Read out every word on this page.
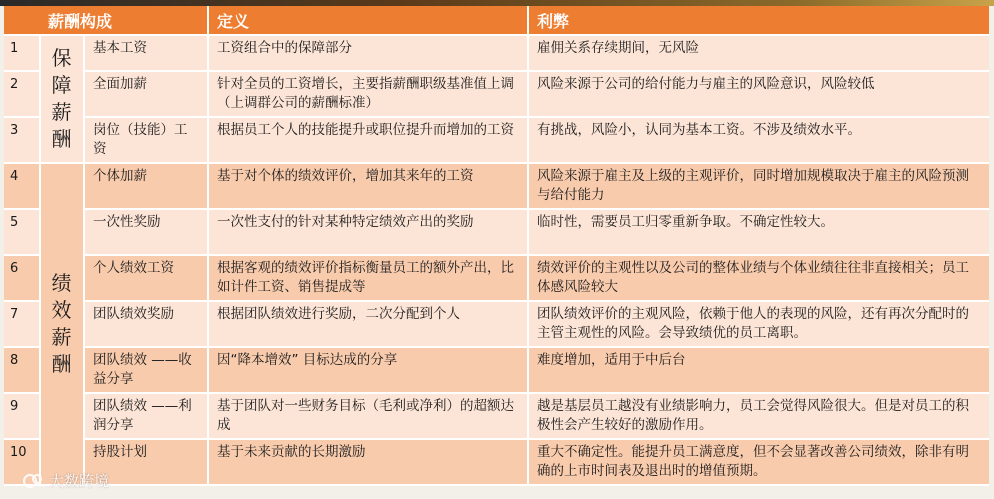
薪酬构成			定义	利弊
1	保障薪酬	基本工资	工资组合中的保障部分	雇佣关系存续期间，无风险
2		全面加薪	针对全员的工资增长，主要指薪酬职级基准值上调（上调群公司的薪酬标准）	风险来源于公司的给付能力与雇主的风险意识，风险较低
3		岗位（技能）工资	根据员工个人的技能提升或职位提升而增加的工资	有挑战，风险小，认同为基本工资。不涉及绩效水平。
4	绩效薪酬	个体加薪	基于对个体的绩效评价，增加其来年的工资	风险来源于雇主及上级的主观评价，同时增加规模取决于雇主的风险预测与给付能力
5		一次性奖励	一次性支付的针对某种特定绩效产出的奖励	临时性，需要员工归零重新争取。不确定性较大。
6		个人绩效工资	根据客观的绩效评价指标衡量员工的额外产出，比如计件工资、销售提成等	绩效评价的主观性以及公司的整体业绩与个体业绩往往非直接相关；员工体感风险较大
7		团队绩效奖励	根据团队绩效进行奖励，二次分配到个人	团队绩效评价的主观风险，依赖于他人的表现的风险，还有再次分配时的主管主观性的风险。会导致绩优的员工离职。
8		团队绩效 ——收益分享	因“降本增效” 目标达成的分享	难度增加，适用于中后台
9		团队绩效 ——利润分享	基于团队对一些财务目标（毛利或净利）的超额达成	越是基层员工越没有业绩影响力，员工会觉得风险很大。但是对员工的积极性会产生较好的激励作用。
10		持股计划	基于未来贡献的长期激励	重大不确定性。能提升员工满意度，但不会显著改善公司绩效，除非有明确的上市时间表及退出时的增值预期。
大数跨境
